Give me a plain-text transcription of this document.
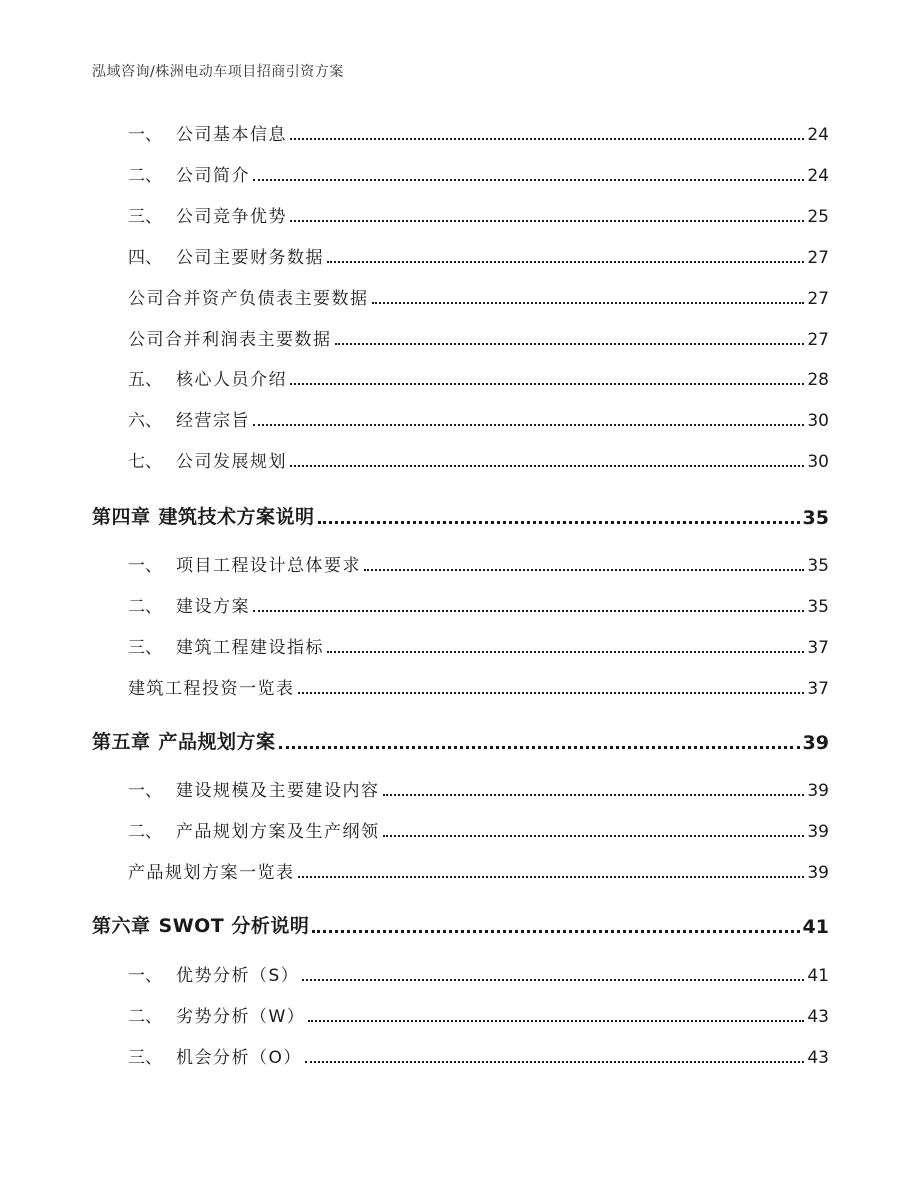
泓域咨询/株洲电动车项目招商引资方案
一、 公司基本信息	24
二、 公司简介	24
三、 公司竞争优势	25
四、 公司主要财务数据	27
公司合并资产负债表主要数据	27
公司合并利润表主要数据	27
五、 核心人员介绍	28
六、 经营宗旨	30
七、 公司发展规划	30
第四章 建筑技术方案说明	35
一、 项目工程设计总体要求	35
二、 建设方案	35
三、 建筑工程建设指标	37
建筑工程投资一览表	37
第五章 产品规划方案	39
一、 建设规模及主要建设内容	39
二、 产品规划方案及生产纲领	39
产品规划方案一览表	39
第六章 SWOT 分析说明	41
一、 优势分析（S）	41
二、 劣势分析（W）	43
三、 机会分析（O）	43
